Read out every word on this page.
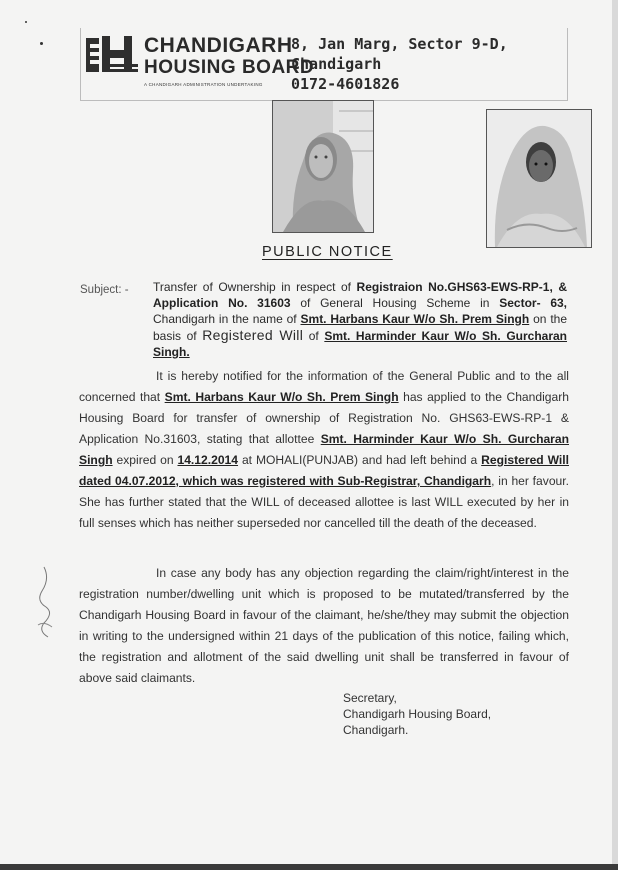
CHANDIGARH
HOUSING BOARD
A CHANDIGARH ADMINISTRATION UNDERTAKING
8, Jan Marg, Sector 9-D,
Chandigarh
0172-4601826
PUBLIC NOTICE
Subject: - Transfer of Ownership in respect of Registraion No.GHS63-EWS-RP-1, & Application No. 31603 of General Housing Scheme in Sector- 63, Chandigarh in the name of Smt. Harbans Kaur W/o Sh. Prem Singh on the basis of Registered Will of Smt. Harminder Kaur W/o Sh. Gurcharan Singh.
It is hereby notified for the information of the General Public and to the all concerned that Smt. Harbans Kaur W/o Sh. Prem Singh has applied to the Chandigarh Housing Board for transfer of ownership of Registration No. GHS63-EWS-RP-1 & Application No.31603, stating that allottee Smt. Harminder Kaur W/o Sh. Gurcharan Singh expired on 14.12.2014 at MOHALI(PUNJAB) and had left behind a Registered Will dated 04.07.2012, which was registered with Sub-Registrar, Chandigarh, in her favour. She has further stated that the WILL of deceased allottee is last WILL executed by her in full senses which has neither superseded nor cancelled till the death of the deceased.
In case any body has any objection regarding the claim/right/interest in the registration number/dwelling unit which is proposed to be mutated/transferred by the Chandigarh Housing Board in favour of the claimant, he/she/they may submit the objection in writing to the undersigned within 21 days of the publication of this notice, failing which, the registration and allotment of the said dwelling unit shall be transferred in favour of above said claimants.
Secretary,
Chandigarh Housing Board,
Chandigarh.
